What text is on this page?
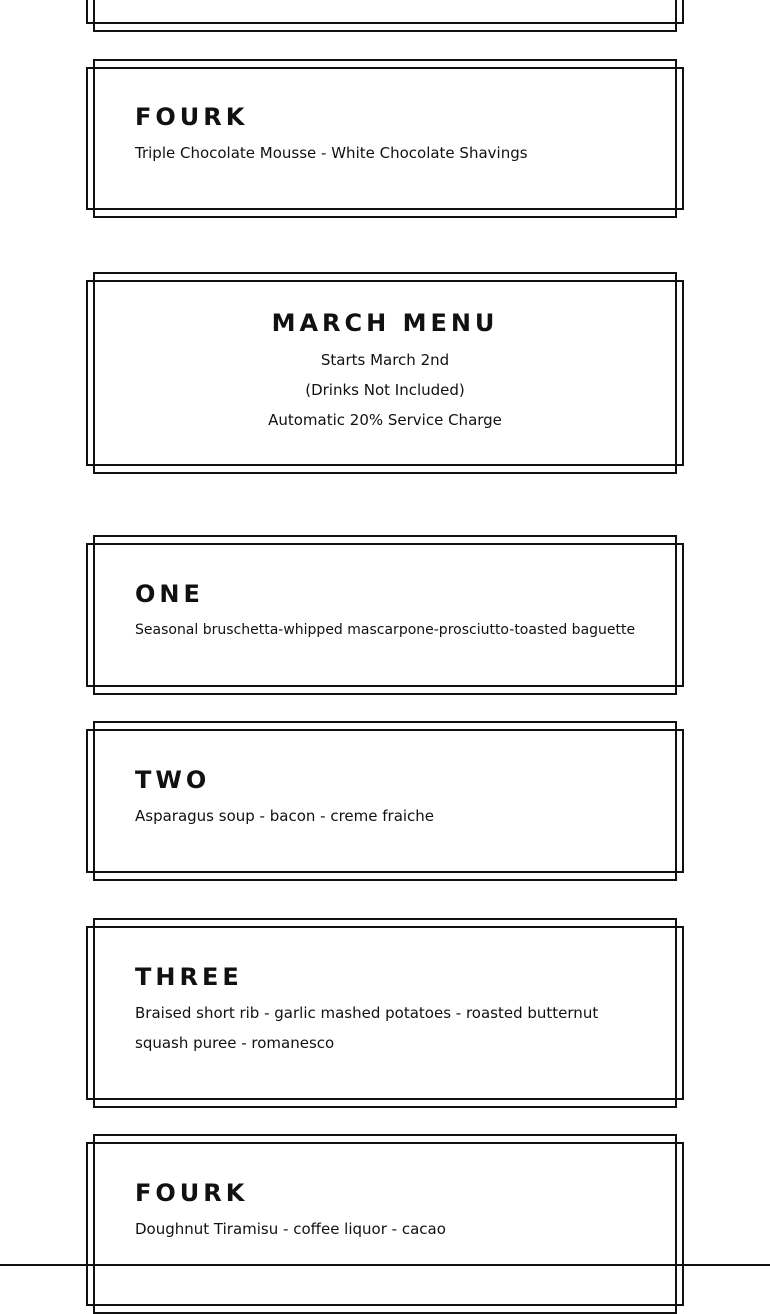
FOURK
Triple Chocolate Mousse - White Chocolate Shavings
MARCH MENU
Starts March 2nd
(Drinks Not Included)
Automatic 20% Service Charge
ONE
Seasonal bruschetta-whipped mascarpone-prosciutto-toasted baguette
TWO
Asparagus soup - bacon - creme fraiche
THREE
Braised short rib - garlic mashed potatoes - roasted butternut squash puree - romanesco
FOURK
Doughnut Tiramisu - coffee liquor - cacao
